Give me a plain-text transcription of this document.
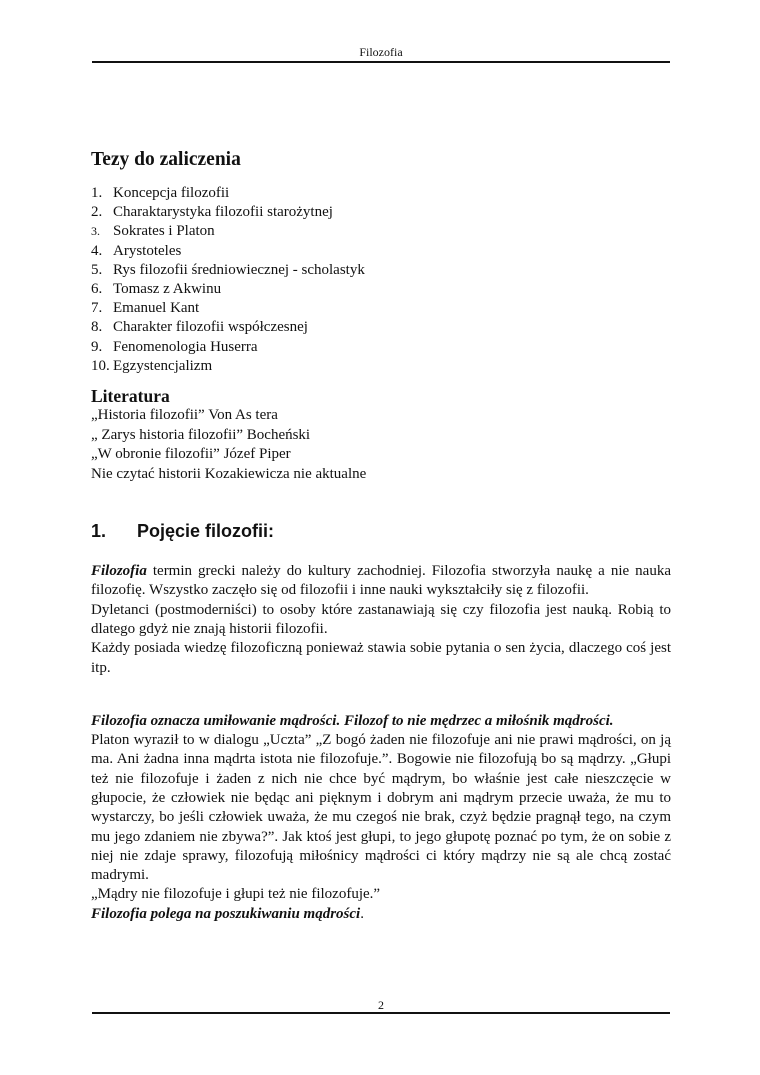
Filozofia
Tezy do zaliczenia
1. Koncepcja filozofii
2. Charaktarystyka filozofii starożytnej
3. Sokrates i Platon
4. Arystoteles
5. Rys filozofii średniowiecznej - scholastyk
6. Tomasz z Akwinu
7. Emanuel Kant
8. Charakter filozofii współczesnej
9. Fenomenologia Huserra
10. Egzystencjalizm
Literatura
„Historia filozofii” Von As tera
„ Zarys historia filozofii” Bocheński
„W obronie filozofii” Józef Piper
Nie czytać historii Kozakiewicza nie aktualne
1.	Pojęcie filozofii:

Filozofia termin grecki należy do kultury zachodniej. Filozofia stworzyła naukę a nie nauka filozofię. Wszystko zaczęło się od filozofii i inne nauki wykształciły się z filozofii.

Dyletanci (postmoderniści) to osoby które zastanawiają się czy filozofia jest nauką. Robią to dlatego gdyż nie znają historii filozofii.

Każdy posiada wiedzę filozoficzną ponieważ stawia sobie pytania o sen życia, dlaczego coś jest itp.

Filozofia oznacza umiłowanie mądrości. Filozof to nie mędrzec a miłośnik mądrości.

Platon wyraził to w dialogu „Uczta” „Z bogó żaden nie filozofuje ani nie prawi mądrości, on ją ma. Ani żadna inna mądrta istota nie filozofuje.”. Bogowie nie filozofują bo są mądrzy. „Głupi też nie filozofuje i żaden z nich nie chce być mądrym, bo właśnie jest całe nieszczęcie w głupocie, że człowiek nie będąc ani pięknym i dobrym ani mądrym przecie uważa, że mu to wystarczy, bo jeśli człowiek uważa, że mu czegoś nie brak, czyż będzie pragnął tego, na czym mu jego zdaniem nie zbywa?”. Jak ktoś jest głupi, to jego głupotę poznać po tym, że on sobie z niej nie zdaje sprawy, filozofują miłośnicy mądrości ci który mądrzy nie są ale chcą zostać madrymi.

„Mądry nie filozofuje i głupi też nie filozofuje.”

Filozofia polega na poszukiwaniu mądrości.

2
